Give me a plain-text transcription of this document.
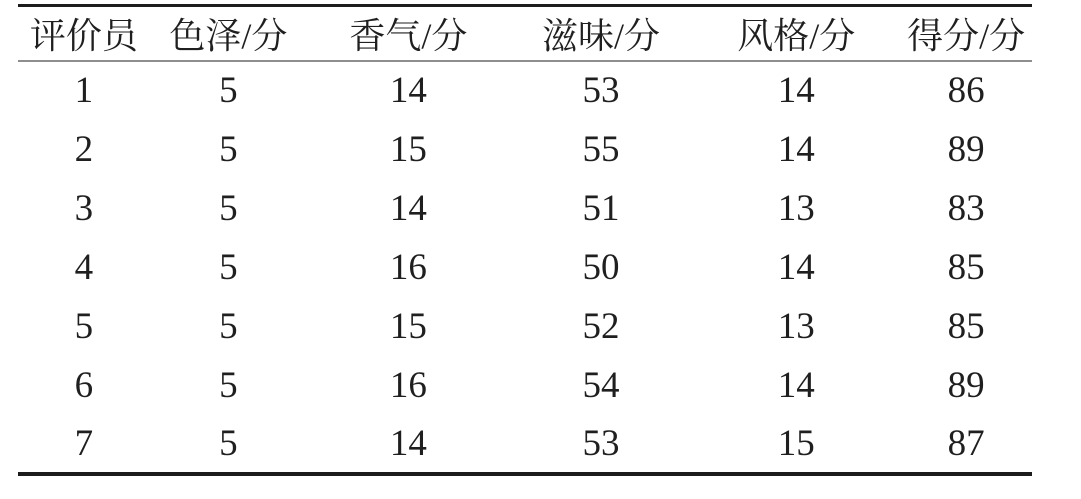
评价员	色泽/分	香气/分	滋味/分	风格/分	得分/分
1	5	14	53	14	86
2	5	15	55	14	89
3	5	14	51	13	83
4	5	16	50	14	85
5	5	15	52	13	85
6	5	16	54	14	89
7	5	14	53	15	87
